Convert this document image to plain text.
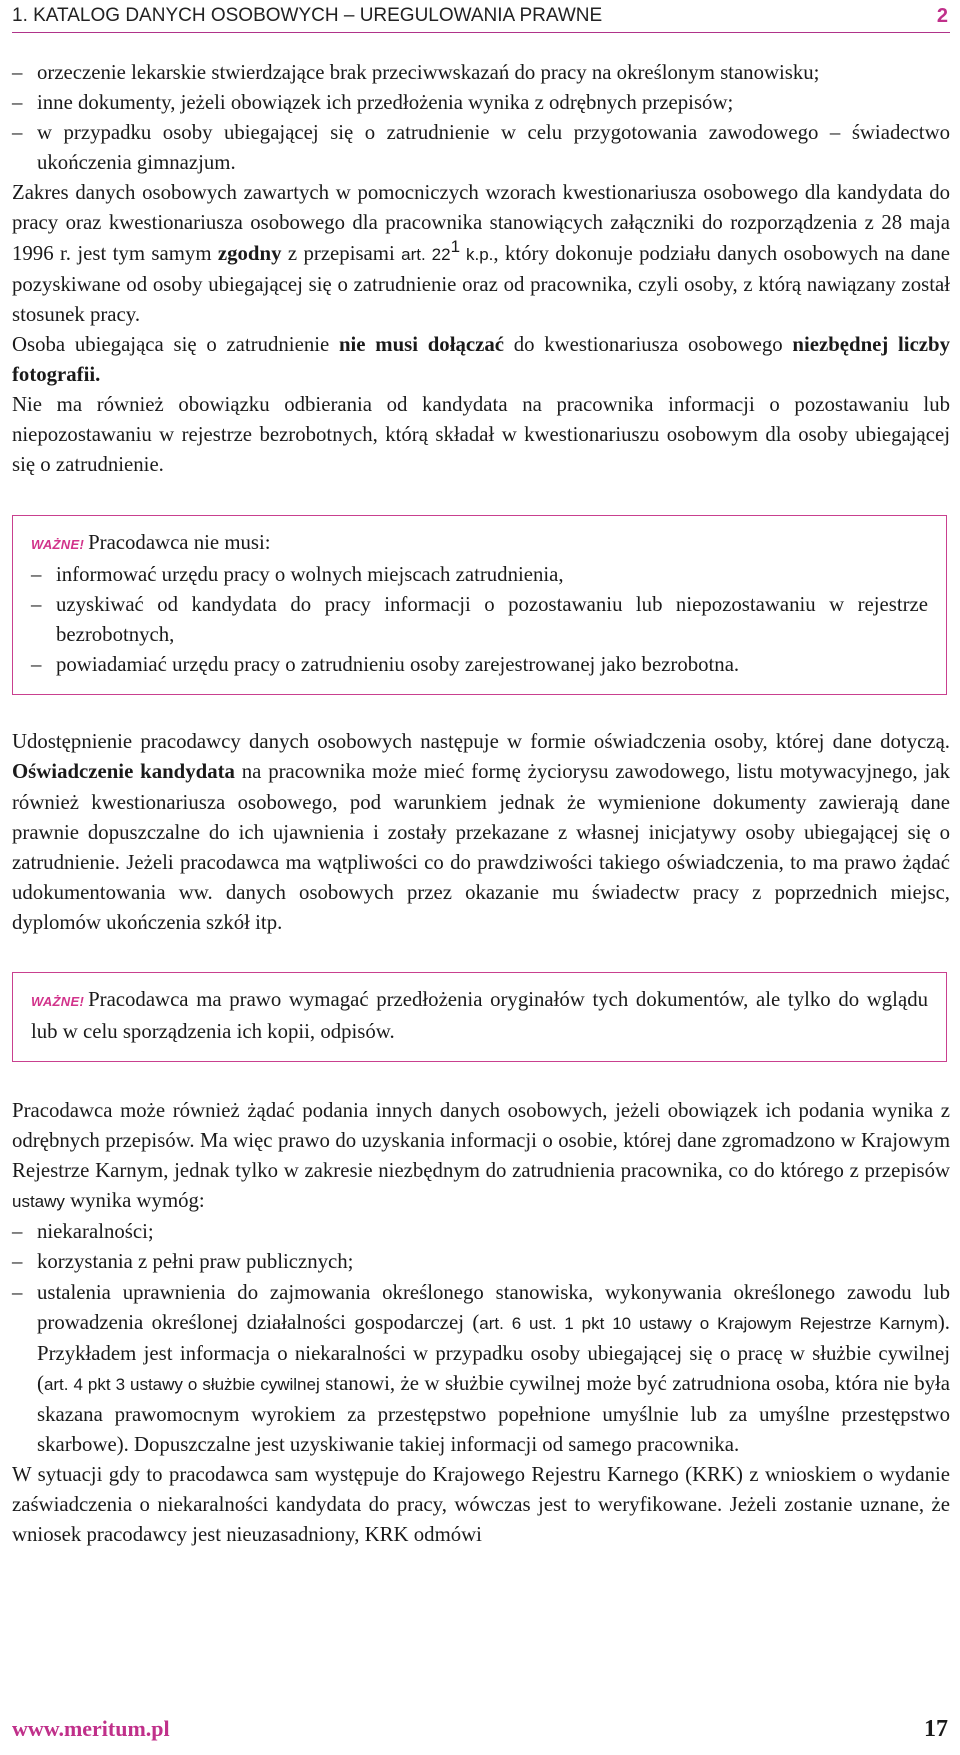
1. KATALOG DANYCH OSOBOWYCH – UREGULOWANIA PRAWNE	2
– orzeczenie lekarskie stwierdzające brak przeciwwskazań do pracy na określonym stanowisku;
– inne dokumenty, jeżeli obowiązek ich przedłożenia wynika z odrębnych przepisów;
– w przypadku osoby ubiegającej się o zatrudnienie w celu przygotowania zawodowego – świadectwo ukończenia gimnazjum.

Zakres danych osobowych zawartych w pomocniczych wzorach kwestionariusza osobowego dla kandydata do pracy oraz kwestionariusza osobowego dla pracownika stanowiących załączniki do rozporządzenia z 28 maja 1996 r. jest tym samym zgodny z przepisami art. $22^1$ k.p., który dokonuje podziału danych osobowych na dane pozyskiwane od osoby ubiegającej się o zatrudnienie oraz od pracownika, czyli osoby, z którą nawiązany został stosunek pracy.

Osoba ubiegająca się o zatrudnienie nie musi dołączać do kwestionariusza osobowego niezbędnej liczby fotografii.

Nie ma również obowiązku odbierania od kandydata na pracownika informacji o pozostawaniu lub niepozostawaniu w rejestrze bezrobotnych, którą składał w kwestionariuszu osobowym dla osoby ubiegającej się o zatrudnienie.

WAŻNE! Pracodawca nie musi:
– informować urzędu pracy o wolnych miejscach zatrudnienia,
– uzyskiwać od kandydata do pracy informacji o pozostawaniu lub niepozostawaniu w rejestrze bezrobotnych,
– powiadamiać urzędu pracy o zatrudnieniu osoby zarejestrowanej jako bezrobotna.

Udostępnienie pracodawcy danych osobowych następuje w formie oświadczenia osoby, której dane dotyczą. Oświadczenie kandydata na pracownika może mieć formę życiorysu zawodowego, listu motywacyjnego, jak również kwestionariusza osobowego, pod warunkiem jednak że wymienione dokumenty zawierają dane prawnie dopuszczalne do ich ujawnienia i zostały przekazane z własnej inicjatywy osoby ubiegającej się o zatrudnienie. Jeżeli pracodawca ma wątpliwości co do prawdziwości takiego oświadczenia, to ma prawo żądać udokumentowania ww. danych osobowych przez okazanie mu świadectw pracy z poprzednich miejsc, dyplomów ukończenia szkół itp.

WAŻNE! Pracodawca ma prawo wymagać przedłożenia oryginałów tych dokumentów, ale tylko do wglądu lub w celu sporządzenia ich kopii, odpisów.

Pracodawca może również żądać podania innych danych osobowych, jeżeli obowiązek ich podania wynika z odrębnych przepisów. Ma więc prawo do uzyskania informacji o osobie, której dane zgromadzono w Krajowym Rejestrze Karnym, jednak tylko w zakresie niezbędnym do zatrudnienia pracownika, co do którego z przepisów ustawy wynika wymóg:

– niekaralności;
– korzystania z pełni praw publicznych;
– ustalenia uprawnienia do zajmowania określonego stanowiska, wykonywania określonego zawodu lub prowadzenia określonej działalności gospodarczej (art. 6 ust. 1 pkt 10 ustawy o Krajowym Rejestrze Karnym). Przykładem jest informacja o niekaralności w przypadku osoby ubiegającej się o pracę w służbie cywilnej (art. 4 pkt 3 ustawy o służbie cywilnej stanowi, że w służbie cywilnej może być zatrudniona osoba, która nie była skazana prawomocnym wyrokiem za przestępstwo popełnione umyślnie lub za umyślne przestępstwo skarbowe). Dopuszczalne jest uzyskiwanie takiej informacji od samego pracownika.

W sytuacji gdy to pracodawca sam występuje do Krajowego Rejestru Karnego (KRK) z wnioskiem o wydanie zaświadczenia o niekaralności kandydata do pracy, wówczas jest to weryfikowane. Jeżeli zostanie uznane, że wniosek pracodawcy jest nieuzasadniony, KRK odmówi

www.meritum.pl	17
